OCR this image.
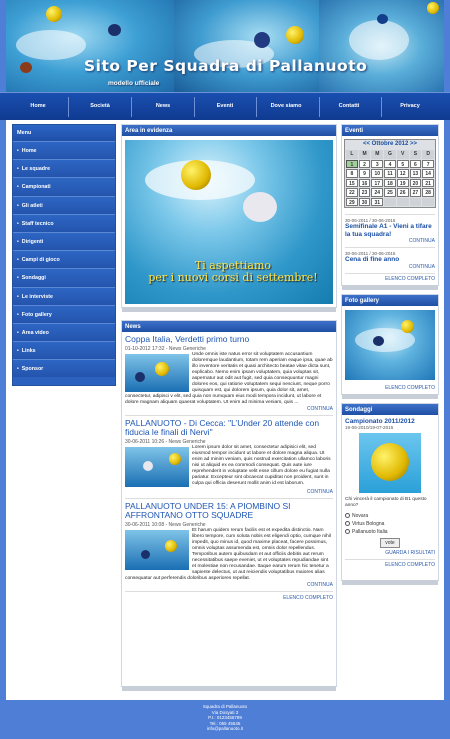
Sito Per Squadra di Pallanuoto
modello ufficiale
Home	Società	News	Eventi	Dove siamo	Contatti	Privacy
Menu
• Home
• Le squadre
• Campionati
• Gli atleti
• Staff tecnico
• Dirigenti
• Campi di gioco
• Sondaggi
• Le interviste
• Foto gallery
• Area video
• Links
• Sponsor
Area in evidenza
Ti aspettiamo
per i nuovi corsi di settembre!
News
Coppa Italia, Verdetti primo turno
01-10-2012 17:32 - News Generiche
Unde omnis iste natus error sit voluptatem accusantium doloremque laudantium, totam rem aperiam eaque ipsa, quae ab illo inventore veritatis et quasi architecto beatae vitae dicta sunt, explicabo. Nemo enim ipsam voluptatem, quia voluptas sit, aspernatur aut odit aut fugit, sed quia consequuntur magni dolores eos, qui ratione voluptatem sequi nesciunt, neque porro quisquam est, qui dolorem ipsum, quia dolor sit, amet, consectetur, adipisci v elit, sed quia non numquam eius modi tempora incidunt, ut labore et dolore magnam aliquam quaerat voluptatem. Ut enim ad minima veniam, quis ...
CONTINUA
PALLANUOTO - Di Cecca: "L’Under 20 attende con fiducia le finali di Nervi"
30-06-2011 10:26 - News Generiche
Lorem ipsum dolor sit amet, consectetur adipisici elit, sed eiusmod tempor incidunt ut labore et dolore magna aliqua. Ut enim ad minim veniam, quis nostrud exercitation ullamco laboris nisi ut aliquid ex ea commodi consequat. Quis aute iure reprehenderit in voluptate velit esse cillum dolore eu fugiat nulla pariatur. Excepteur sint obcaecat cupiditat non proident, sunt in culpa qui officia deserunt mollit anim id est laborum.
CONTINUA
PALLANUOTO UNDER 15: A PIOMBINO SI AFFRONTANO OTTO SQUADRE
30-06-2011 10:08 - News Generiche
Et harum quidem rerum facilis est et expedita distinctio. Nam libero tempore, cum soluta nobis est eligendi optio, cumque nihil impedit, quo minus id, quod maxime placeat, facere possimus, omnis voluptas assumenda est, omnis dolor repellendus. Temporibus autem quibusdam et aut officiis debitis aut rerum necessitatibus saepe eveniet, ut et voluptates repudiandae sint et molestiae non recusandae. Itaque earum rerum hic tenetur a sapiente delectus, ut aut reiciendis voluptatibus maiores alias consequatur aut perferendis doloribus asperiores repellat.
CONTINUA
ELENCO COMPLETO
Eventi
<< Ottobre 2012 >>
L	M	M	G	V	S	D
1	2	3	4	5	6	7
8	9	10	11	12	13	14
15	16	17	18	19	20	21
22	23	24	25	26	27	28
29	30	31
30-06-2011 / 30-06-2015
Semifinale A1 - Vieni a tifare la tua squadra!
CONTINUA
30-06-2011 / 30-06-2015
Cena di fine anno
CONTINUA
ELENCO COMPLETO
Foto gallery
ELENCO COMPLETO
Sondaggi
Campionato 2011/2012
19-06-2010/19-07-2015
Chi vincerà il campionato di B1 questo anno?
Novara
Virtus Bologna
Pallanuoto Italia
vote
GUARDA I RISULTATI
ELENCO COMPLETO
Squadra di Pallanuoto
Via Dosyati 3
P.I.: 0123456789
Tel.: 055 45545
info@pallanuoto.it
